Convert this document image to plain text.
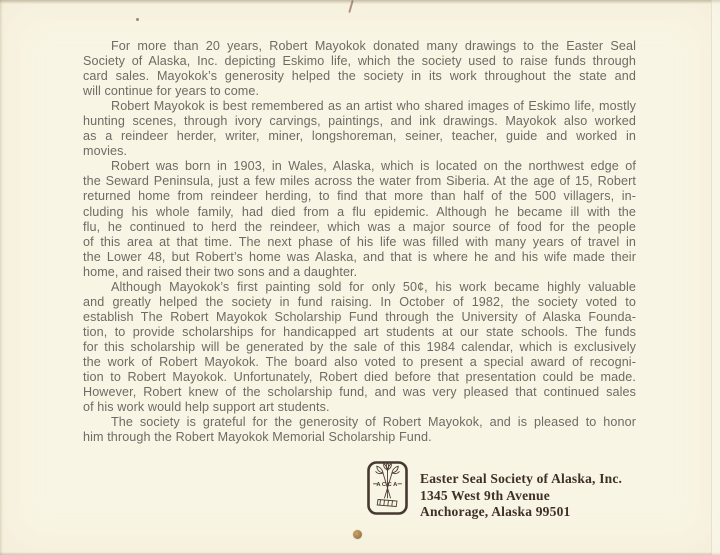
For more than 20 years, Robert Mayokok donated many drawings to the Easter Seal
Society of Alaska, Inc. depicting Eskimo life, which the society used to raise funds through
card sales. Mayokok’s generosity helped the society in its work throughout the state and
will continue for years to come.
Robert Mayokok is best remembered as an artist who shared images of Eskimo life, mostly
hunting scenes, through ivory carvings, paintings, and ink drawings. Mayokok also worked
as a reindeer herder, writer, miner, longshoreman, seiner, teacher, guide and worked in
movies.
Robert was born in 1903, in Wales, Alaska, which is located on the northwest edge of
the Seward Peninsula, just a few miles across the water from Siberia. At the age of 15, Robert
returned home from reindeer herding, to find that more than half of the 500 villagers, in-
cluding his whole family, had died from a flu epidemic. Although he became ill with the
flu, he continued to herd the reindeer, which was a major source of food for the people
of this area at that time. The next phase of his life was filled with many years of travel in
the Lower 48, but Robert’s home was Alaska, and that is where he and his wife made their
home, and raised their two sons and a daughter.
Although Mayokok’s first painting sold for only 50¢, his work became highly valuable
and greatly helped the society in fund raising. In October of 1982, the society voted to
establish The Robert Mayokok Scholarship Fund through the University of Alaska Founda-
tion, to provide scholarships for handicapped art students at our state schools. The funds
for this scholarship will be generated by the sale of this 1984 calendar, which is exclusively
the work of Robert Mayokok. The board also voted to present a special award of recogni-
tion to Robert Mayokok. Unfortunately, Robert died before that presentation could be made.
However, Robert knew of the scholarship fund, and was very pleased that continued sales
of his work would help support art students.
The society is grateful for the generosity of Robert Mayokok, and is pleased to honor
him through the Robert Mayokok Memorial Scholarship Fund.
ACCA Easter Seal Society of Alaska, Inc.
1345 West 9th Avenue
Anchorage, Alaska 99501
